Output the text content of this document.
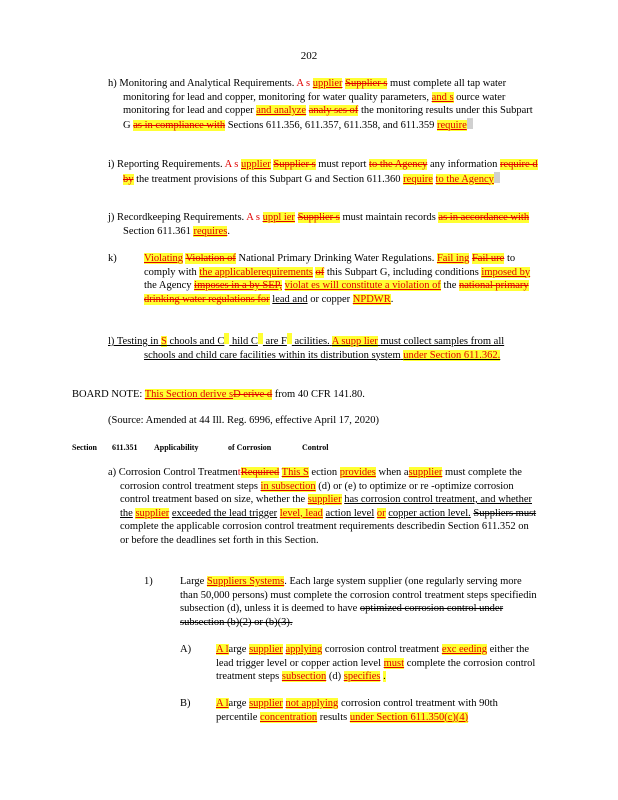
202

h) Monitoring and Analytical Requirements. A s upplier Supplier s must complete all tap water monitoring for lead and copper, monitoring for water quality parameters, and s ource water monitoring for lead and copper and analyze analy ses of the monitoring results under this Subpart G as in compliance with Sections 611.356, 611.357, 611.358, and 611.359 require

i) Reporting Requirements. A s upplier Supplier s must report to the Agency any information require d by the treatment provisions of this Subpart G and Section 611.360 require to the Agency

j) Recordkeeping Requirements. A s uppl ier Supplier s must maintain records as in accordance with Section 611.361 requires.

k)	Violating Violation of National Primary Drinking Water Regulations. Fail ing Fail ure to comply with the applicablerequirements of this Subpart G, including conditions imposed by the Agency imposes in a by SEP, violat es will constitute a violation of the national primary drinking water regulations for lead and or copper NPDWR.

l) Testing in S chools and C hild C are F acilities. A supp lier must collect samples from all schools and child care facilities within its distribution system under Section 611.362.

BOARD NOTE: This Section derive sD erive d from 40 CFR 141.80.
(Source: Amended at 44 Ill. Reg. 6996, effective April 17, 2020)
Section 611.351 Applicability	of Corrosion	Control

a) Corrosion Control TreatmentRequired This S ection provides when asupplier must complete the corrosion control treatment steps in subsection (d) or (e) to optimize or re -optimize corrosion control treatment based on size, whether the supplier has corrosion control treatment, and whether the supplier exceeded the lead trigger level, lead action level or copper action level. Suppliers must complete the applicable corrosion control treatment requirements describedin Section 611.352 on or before the deadlines set forth in this Section.

1)	Large Suppliers Systems. Each large system supplier (one regularly serving more than 50,000 persons) must complete the corrosion control treatment steps specifiedin subsection (d), unless it is deemed to have optimized corrosion control under subsection (b)(2) or (b)(3).

A) A large supplier applying corrosion control treatment exc eeding either the lead trigger level or copper action level must complete the corrosion control treatment steps subsection (d) specifies .

B) A large supplier not applying corrosion control treatment with 90th percentile concentration results under Section 611.350(c)(4)
